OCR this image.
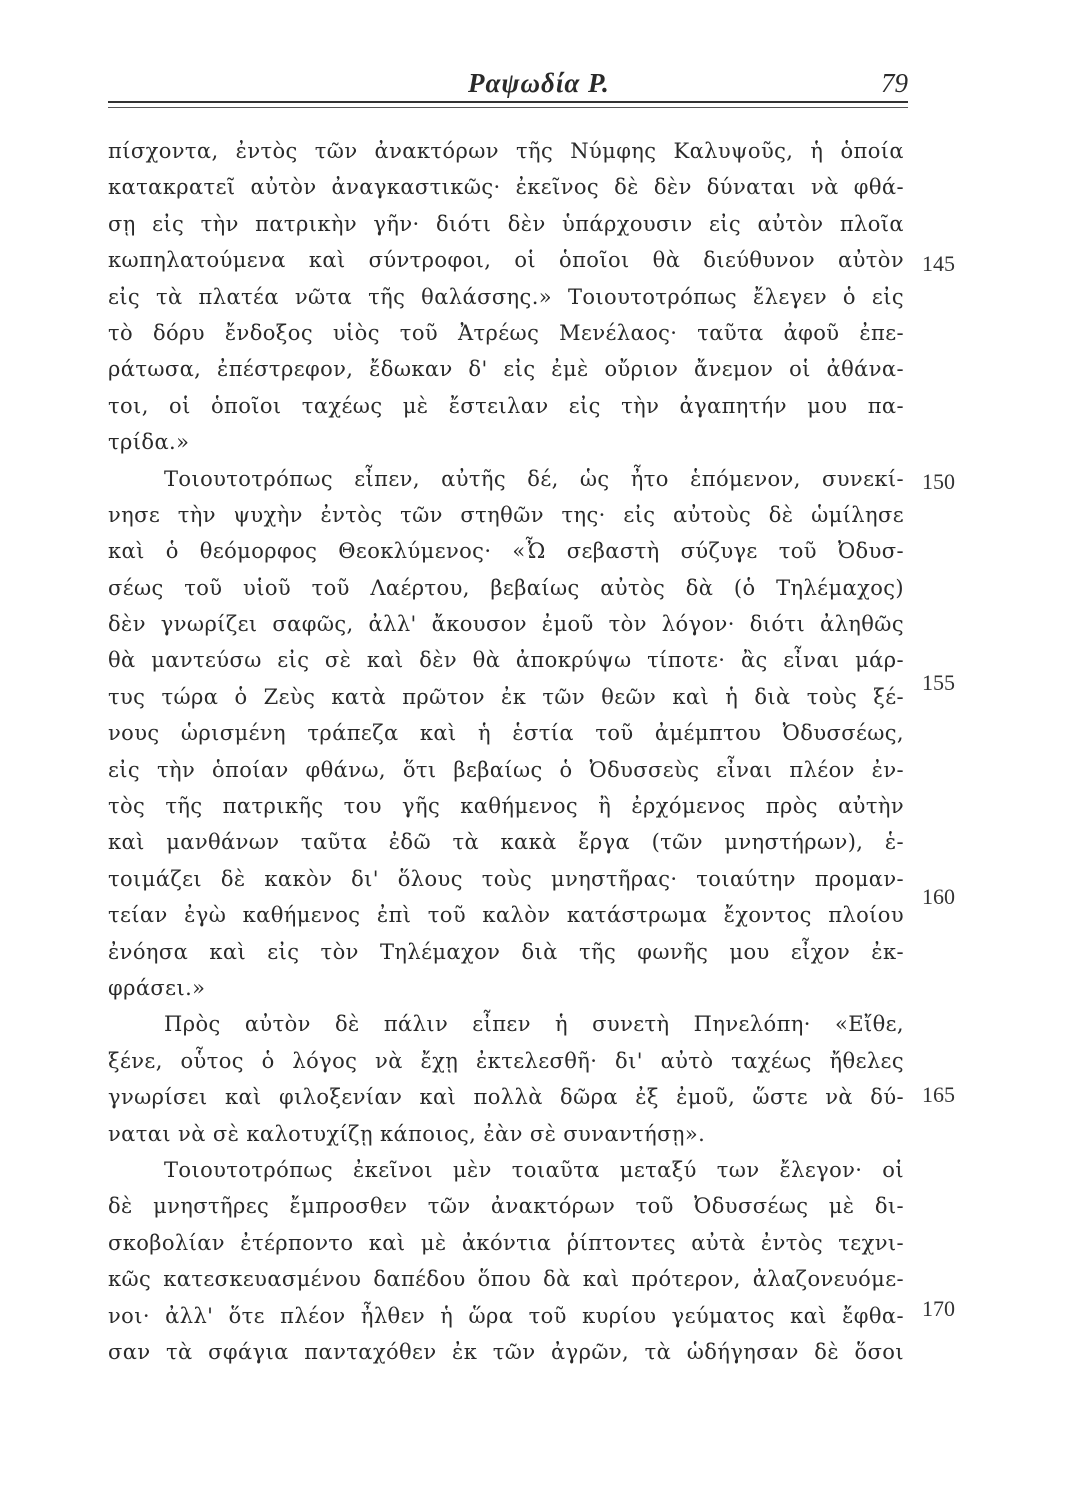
Ραψωδία Ρ.	79
πίσχοντα, ἐντὸς τῶν ἀνακτόρων τῆς Νύμφης Καλυψοῦς, ἡ ὁποία
κατακρατεῖ αὐτὸν ἀναγκαστικῶς· ἐκεῖνος δὲ δὲν δύναται νὰ φθά-
σῃ εἰς τὴν πατρικὴν γῆν· διότι δὲν ὑπάρχουσιν εἰς αὐτὸν πλοῖα
κωπηλατούμενα καὶ σύντροφοι, οἱ ὁποῖοι θὰ διεύθυνον αὐτὸν
εἰς τὰ πλατέα νῶτα τῆς θαλάσσης.» Τοιουτοτρόπως ἔλεγεν ὁ εἰς
τὸ δόρυ ἔνδοξος υἱὸς τοῦ Ἀτρέως Μενέλαος· ταῦτα ἀφοῦ ἐπε-
ράτωσα, ἐπέστρεφον, ἔδωκαν δ' εἰς ἐμὲ οὔριον ἄνεμον οἱ ἀθάνα-
τοι, οἱ ὁποῖοι ταχέως μὲ ἔστειλαν εἰς τὴν ἀγαπητήν μου πα-
τρίδα.»
Τοιουτοτρόπως εἶπεν, αὐτῆς δέ, ὡς ἦτο ἑπόμενον, συνεκί-
νησε τὴν ψυχὴν ἐντὸς τῶν στηθῶν της· εἰς αὐτοὺς δὲ ὡμίλησε
καὶ ὁ θεόμορφος Θεοκλύμενος· «Ὦ σεβαστὴ σύζυγε τοῦ Ὀδυσ-
σέως τοῦ υἱοῦ τοῦ Λαέρτου, βεβαίως αὐτὸς δὰ (ὁ Τηλέμαχος)
δὲν γνωρίζει σαφῶς, ἀλλ' ἄκουσον ἐμοῦ τὸν λόγον· διότι ἀληθῶς
θὰ μαντεύσω εἰς σὲ καὶ δὲν θὰ ἀποκρύψω τίποτε· ἂς εἶναι μάρ-
τυς τώρα ὁ Ζεὺς κατὰ πρῶτον ἐκ τῶν θεῶν καὶ ἡ διὰ τοὺς ξέ-
νους ὡρισμένη τράπεζα καὶ ἡ ἑστία τοῦ ἀμέμπτου Ὀδυσσέως,
εἰς τὴν ὁποίαν φθάνω, ὅτι βεβαίως ὁ Ὀδυσσεὺς εἶναι πλέον ἐν-
τὸς τῆς πατρικῆς του γῆς καθήμενος ἢ ἐρχόμενος πρὸς αὐτὴν
καὶ μανθάνων ταῦτα ἐδῶ τὰ κακὰ ἔργα (τῶν μνηστήρων), ἑ-
τοιμάζει δὲ κακὸν δι' ὅλους τοὺς μνηστῆρας· τοιαύτην προμαν-
τείαν ἐγὼ καθήμενος ἐπὶ τοῦ καλὸν κατάστρωμα ἔχοντος πλοίου
ἐνόησα καὶ εἰς τὸν Τηλέμαχον διὰ τῆς φωνῆς μου εἶχον ἐκ-
φράσει.»
Πρὸς αὐτὸν δὲ πάλιν εἶπεν ἡ συνετὴ Πηνελόπη· «Εἴθε,
ξένε, οὗτος ὁ λόγος νὰ ἔχῃ ἐκτελεσθῆ· δι' αὐτὸ ταχέως ἤθελες
γνωρίσει καὶ φιλοξενίαν καὶ πολλὰ δῶρα ἐξ ἐμοῦ, ὥστε νὰ δύ-
ναται νὰ σὲ καλοτυχίζῃ κάποιος, ἐὰν σὲ συναντήσῃ».
Τοιουτοτρόπως ἐκεῖνοι μὲν τοιαῦτα μεταξύ των ἔλεγον· οἱ
δὲ μνηστῆρες ἔμπροσθεν τῶν ἀνακτόρων τοῦ Ὀδυσσέως μὲ δι-
σκοβολίαν ἐτέρποντο καὶ μὲ ἀκόντια ῥίπτοντες αὐτὰ ἐντὸς τεχνι-
κῶς κατεσκευασμένου δαπέδου ὅπου δὰ καὶ πρότερον, ἀλαζονευόμε-
νοι· ἀλλ' ὅτε πλέον ἦλθεν ἡ ὥρα τοῦ κυρίου γεύματος καὶ ἔφθα-
σαν τὰ σφάγια πανταχόθεν ἐκ τῶν ἀγρῶν, τὰ ὡδήγησαν δὲ ὅσοι
145
150
155
160
165
170
